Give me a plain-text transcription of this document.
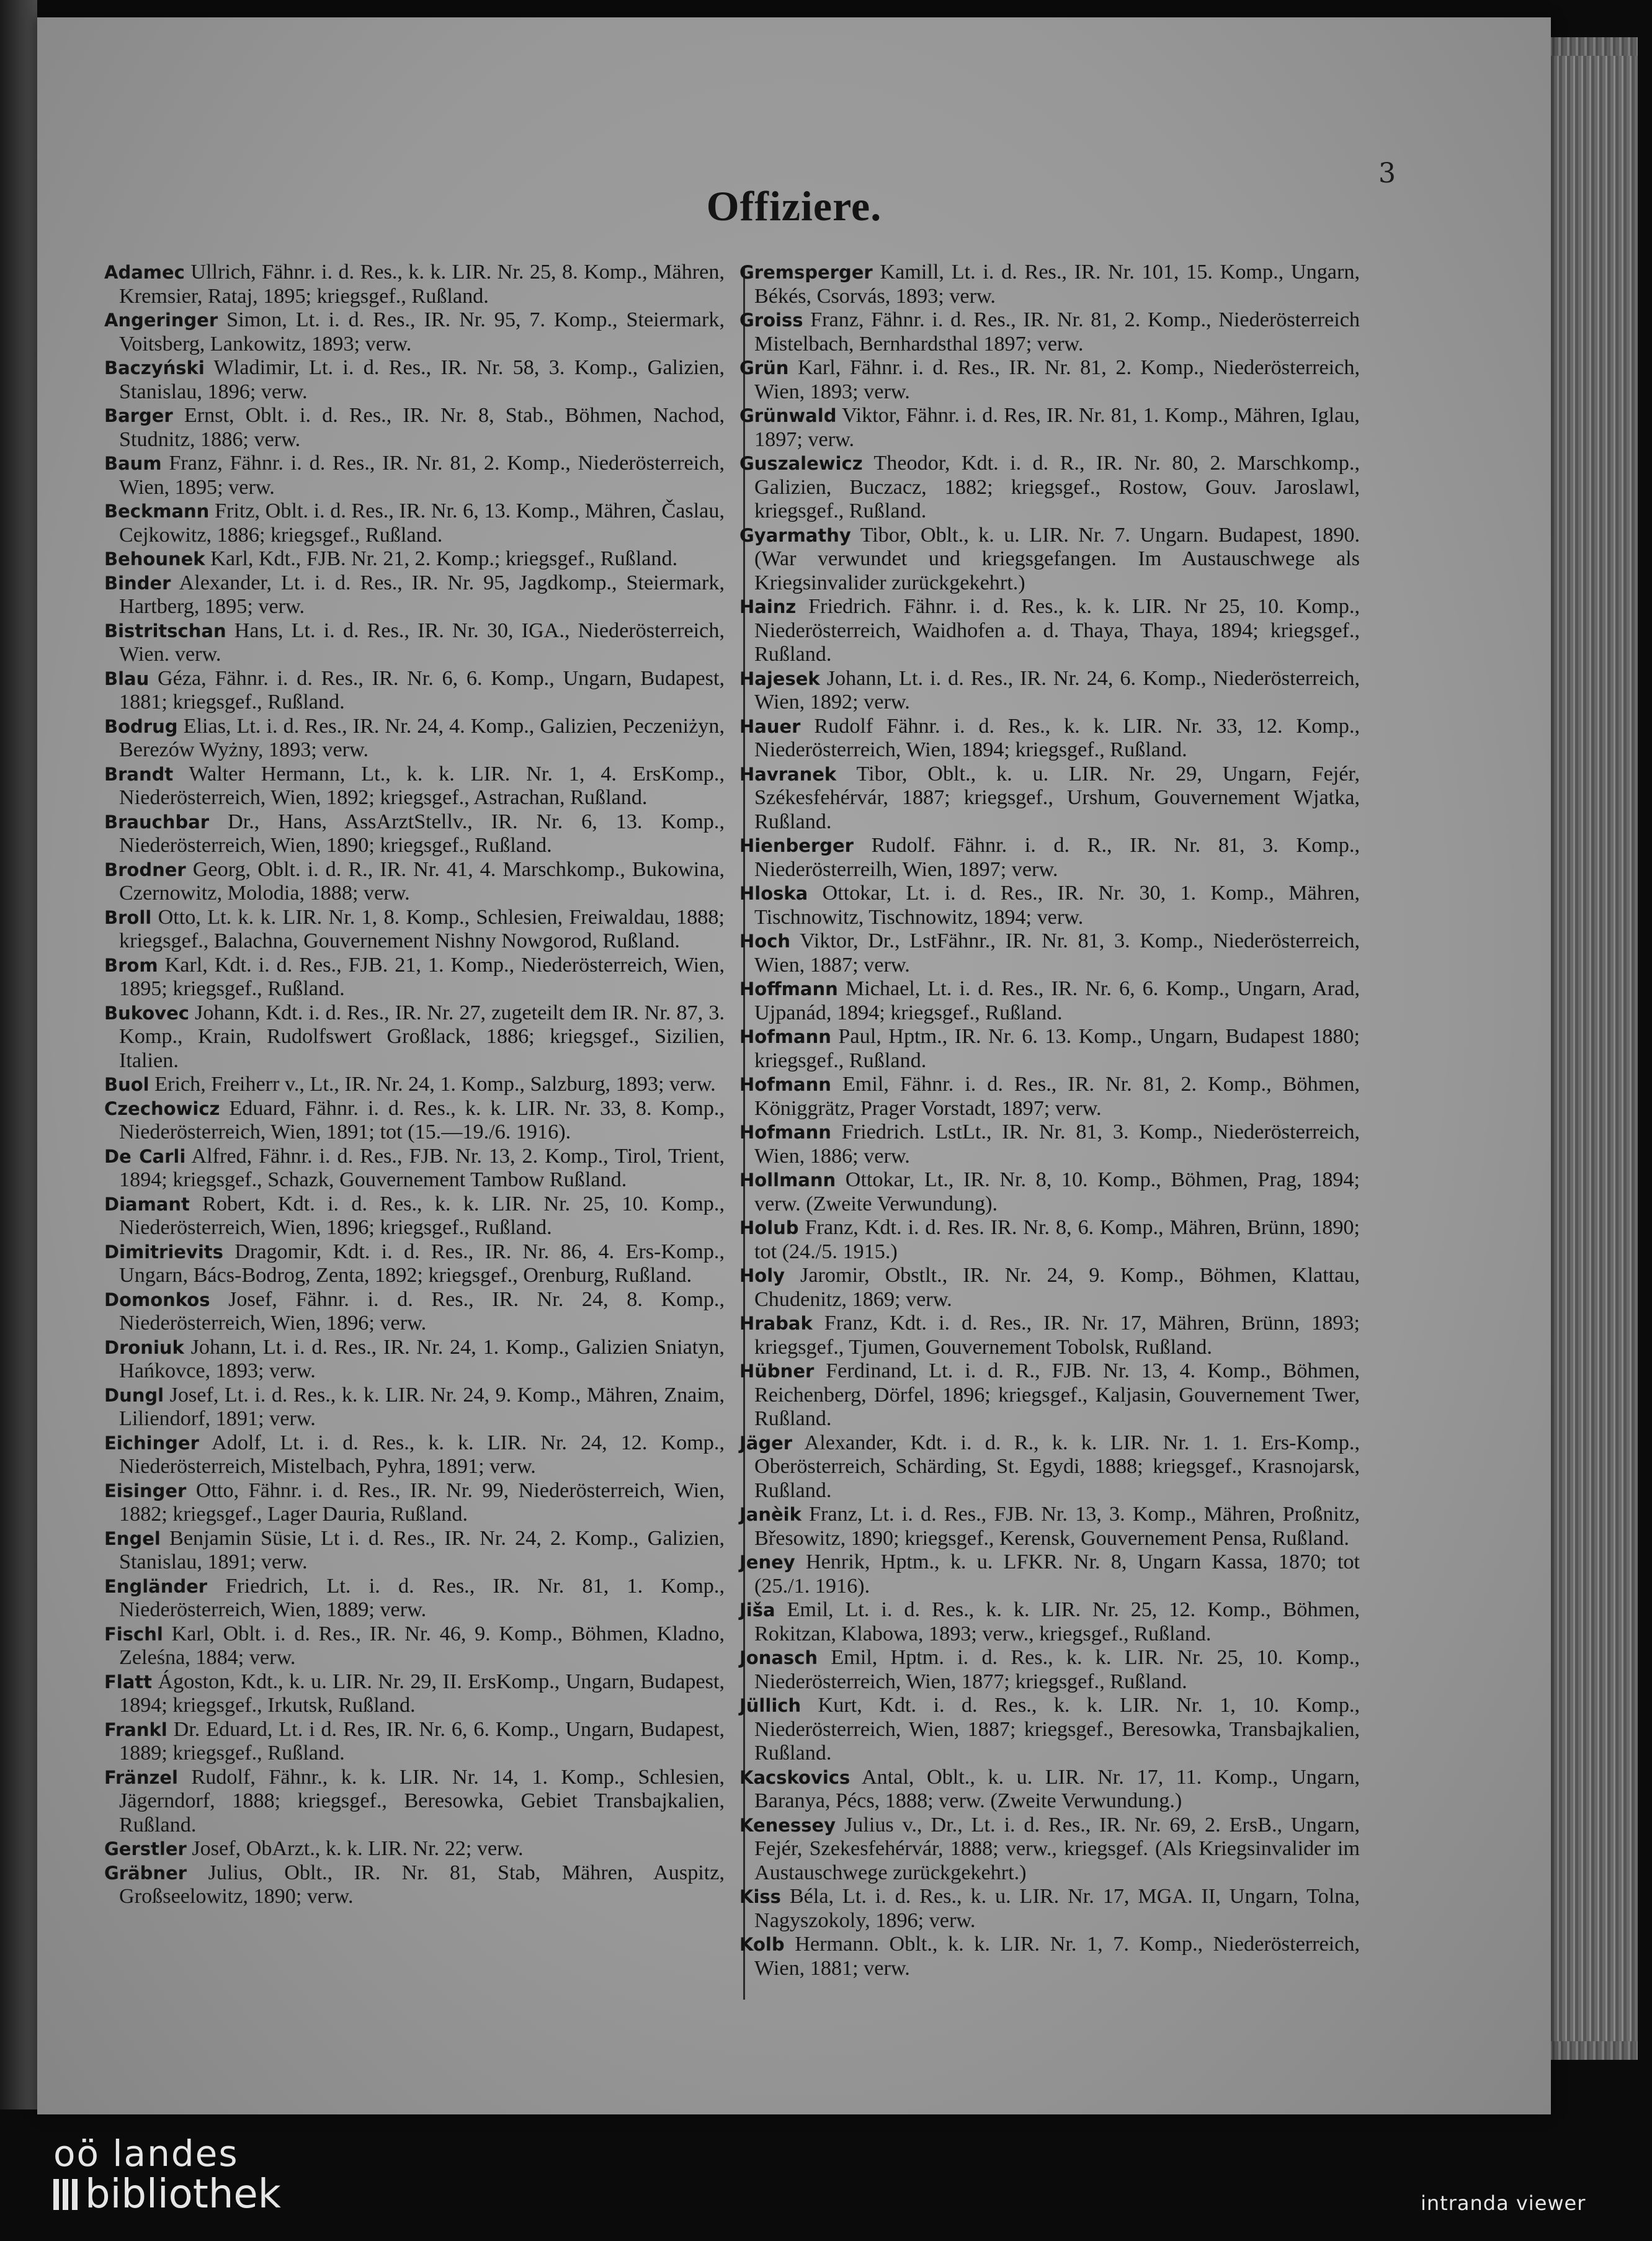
3
Offiziere.

Adamec Ullrich, Fähnr. i. d. Res., k. k. LIR. Nr. 25, 8. Komp., Mähren, Kremsier, Rataj, 1895; kriegsgef., Rußland.

Angeringer Simon, Lt. i. d. Res., IR. Nr. 95, 7. Komp., Steiermark, Voitsberg, Lankowitz, 1893; verw.

Baczyński Wladimir, Lt. i. d. Res., IR. Nr. 58, 3. Komp., Galizien, Stanislau, 1896; verw.

Barger Ernst, Oblt. i. d. Res., IR. Nr. 8, Stab., Böhmen, Nachod, Studnitz, 1886; verw.

Baum Franz, Fähnr. i. d. Res., IR. Nr. 81, 2. Komp., Niederösterreich, Wien, 1895; verw.

Beckmann Fritz, Oblt. i. d. Res., IR. Nr. 6, 13. Komp., Mähren, Časlau, Cejkowitz, 1886; kriegsgef., Rußland.

Behounek Karl, Kdt., FJB. Nr. 21, 2. Komp.; kriegsgef., Rußland.

Binder Alexander, Lt. i. d. Res., IR. Nr. 95, Jagdkomp., Steiermark, Hartberg, 1895; verw.

Bistritschan Hans, Lt. i. d. Res., IR. Nr. 30, IGA., Niederösterreich, Wien. verw.

Blau Géza, Fähnr. i. d. Res., IR. Nr. 6, 6. Komp., Ungarn, Budapest, 1881; kriegsgef., Rußland.

Bodrug Elias, Lt. i. d. Res., IR. Nr. 24, 4. Komp., Galizien, Peczeniżyn, Berezów Wyżny, 1893; verw.

Brandt Walter Hermann, Lt., k. k. LIR. Nr. 1, 4. ErsKomp., Niederösterreich, Wien, 1892; kriegsgef., Astrachan, Rußland.

Brauchbar Dr., Hans, AssArztStellv., IR. Nr. 6, 13. Komp., Niederösterreich, Wien, 1890; kriegsgef., Rußland.

Brodner Georg, Oblt. i. d. R., IR. Nr. 41, 4. Marschkomp., Bukowina, Czernowitz, Molodia, 1888; verw.

Broll Otto, Lt. k. k. LIR. Nr. 1, 8. Komp., Schlesien, Freiwaldau, 1888; kriegsgef., Balachna, Gouvernement Nishny Nowgorod, Rußland.

Brom Karl, Kdt. i. d. Res., FJB. 21, 1. Komp., Niederösterreich, Wien, 1895; kriegsgef., Rußland.

Bukovec Johann, Kdt. i. d. Res., IR. Nr. 27, zugeteilt dem IR. Nr. 87, 3. Komp., Krain, Rudolfswert Großlack, 1886; kriegsgef., Sizilien, Italien.

Buol Erich, Freiherr v., Lt., IR. Nr. 24, 1. Komp., Salzburg, 1893; verw.

Czechowicz Eduard, Fähnr. i. d. Res., k. k. LIR. Nr. 33, 8. Komp., Niederösterreich, Wien, 1891; tot (15.—19./6. 1916).

De Carli Alfred, Fähnr. i. d. Res., FJB. Nr. 13, 2. Komp., Tirol, Trient, 1894; kriegsgef., Schazk, Gouvernement Tambow Rußland.

Diamant Robert, Kdt. i. d. Res., k. k. LIR. Nr. 25, 10. Komp., Niederösterreich, Wien, 1896; kriegsgef., Rußland.

Dimitrievits Dragomir, Kdt. i. d. Res., IR. Nr. 86, 4. Ers-Komp., Ungarn, Bács-Bodrog, Zenta, 1892; kriegsgef., Orenburg, Rußland.

Domonkos Josef, Fähnr. i. d. Res., IR. Nr. 24, 8. Komp., Niederösterreich, Wien, 1896; verw.

Droniuk Johann, Lt. i. d. Res., IR. Nr. 24, 1. Komp., Galizien Sniatyn, Hańkovce, 1893; verw.

Dungl Josef, Lt. i. d. Res., k. k. LIR. Nr. 24, 9. Komp., Mähren, Znaim, Liliendorf, 1891; verw.

Eichinger Adolf, Lt. i. d. Res., k. k. LIR. Nr. 24, 12. Komp., Niederösterreich, Mistelbach, Pyhra, 1891; verw.

Eisinger Otto, Fähnr. i. d. Res., IR. Nr. 99, Niederösterreich, Wien, 1882; kriegsgef., Lager Dauria, Rußland.

Engel Benjamin Süsie, Lt i. d. Res., IR. Nr. 24, 2. Komp., Galizien, Stanislau, 1891; verw.

Engländer Friedrich, Lt. i. d. Res., IR. Nr. 81, 1. Komp., Niederösterreich, Wien, 1889; verw.

Fischl Karl, Oblt. i. d. Res., IR. Nr. 46, 9. Komp., Böhmen, Kladno, Zeleśna, 1884; verw.

Flatt Ágoston, Kdt., k. u. LIR. Nr. 29, II. ErsKomp., Ungarn, Budapest, 1894; kriegsgef., Irkutsk, Rußland.

Frankl Dr. Eduard, Lt. i d. Res, IR. Nr. 6, 6. Komp., Ungarn, Budapest, 1889; kriegsgef., Rußland.

Fränzel Rudolf, Fähnr., k. k. LIR. Nr. 14, 1. Komp., Schlesien, Jägerndorf, 1888; kriegsgef., Beresowka, Gebiet Transbajkalien, Rußland.

Gerstler Josef, ObArzt., k. k. LIR. Nr. 22; verw.

Gräbner Julius, Oblt., IR. Nr. 81, Stab, Mähren, Auspitz, Großseelowitz, 1890; verw.

Gremsperger Kamill, Lt. i. d. Res., IR. Nr. 101, 15. Komp., Ungarn, Békés, Csorvás, 1893; verw.

Groiss Franz, Fähnr. i. d. Res., IR. Nr. 81, 2. Komp., Niederösterreich Mistelbach, Bernhardsthal 1897; verw.

Grün Karl, Fähnr. i. d. Res., IR. Nr. 81, 2. Komp., Niederösterreich, Wien, 1893; verw.

Grünwald Viktor, Fähnr. i. d. Res, IR. Nr. 81, 1. Komp., Mähren, Iglau, 1897; verw.

Guszalewicz Theodor, Kdt. i. d. R., IR. Nr. 80, 2. Marschkomp., Galizien, Buczacz, 1882; kriegsgef., Rostow, Gouv. Jaroslawl, kriegsgef., Rußland.

Gyarmathy Tibor, Oblt., k. u. LIR. Nr. 7. Ungarn. Budapest, 1890. (War verwundet und kriegsgefangen. Im Austauschwege als Kriegsinvalider zurückgekehrt.)

Hainz Friedrich. Fähnr. i. d. Res., k. k. LIR. Nr 25, 10. Komp., Niederösterreich, Waidhofen a. d. Thaya, Thaya, 1894; kriegsgef., Rußland.

Hajesek Johann, Lt. i. d. Res., IR. Nr. 24, 6. Komp., Niederösterreich, Wien, 1892; verw.

Hauer Rudolf Fähnr. i. d. Res., k. k. LIR. Nr. 33, 12. Komp., Niederösterreich, Wien, 1894; kriegsgef., Rußland.

Havranek Tibor, Oblt., k. u. LIR. Nr. 29, Ungarn, Fejér, Székesfehérvár, 1887; kriegsgef., Urshum, Gouvernement Wjatka, Rußland.

Hienberger Rudolf. Fähnr. i. d. R., IR. Nr. 81, 3. Komp., Niederösterreilh, Wien, 1897; verw.

Hloska Ottokar, Lt. i. d. Res., IR. Nr. 30, 1. Komp., Mähren, Tischnowitz, Tischnowitz, 1894; verw.

Hoch Viktor, Dr., LstFähnr., IR. Nr. 81, 3. Komp., Niederösterreich, Wien, 1887; verw.

Hoffmann Michael, Lt. i. d. Res., IR. Nr. 6, 6. Komp., Ungarn, Arad, Ujpanád, 1894; kriegsgef., Rußland.

Hofmann Paul, Hptm., IR. Nr. 6. 13. Komp., Ungarn, Budapest 1880; kriegsgef., Rußland.

Hofmann Emil, Fähnr. i. d. Res., IR. Nr. 81, 2. Komp., Böhmen, Königgrätz, Prager Vorstadt, 1897; verw.

Hofmann Friedrich. LstLt., IR. Nr. 81, 3. Komp., Niederösterreich, Wien, 1886; verw.

Hollmann Ottokar, Lt., IR. Nr. 8, 10. Komp., Böhmen, Prag, 1894; verw. (Zweite Verwundung).

Holub Franz, Kdt. i. d. Res. IR. Nr. 8, 6. Komp., Mähren, Brünn, 1890; tot (24./5. 1915.)

Holy Jaromir, Obstlt., IR. Nr. 24, 9. Komp., Böhmen, Klattau, Chudenitz, 1869; verw.

Hrabak Franz, Kdt. i. d. Res., IR. Nr. 17, Mähren, Brünn, 1893; kriegsgef., Tjumen, Gouvernement Tobolsk, Rußland.

Hübner Ferdinand, Lt. i. d. R., FJB. Nr. 13, 4. Komp., Böhmen, Reichenberg, Dörfel, 1896; kriegsgef., Kaljasin, Gouvernement Twer, Rußland.

Jäger Alexander, Kdt. i. d. R., k. k. LIR. Nr. 1. 1. Ers-Komp., Oberösterreich, Schärding, St. Egydi, 1888; kriegsgef., Krasnojarsk, Rußland.

Janèik Franz, Lt. i. d. Res., FJB. Nr. 13, 3. Komp., Mähren, Proßnitz, Břesowitz, 1890; kriegsgef., Kerensk, Gouvernement Pensa, Rußland.

Jeney Henrik, Hptm., k. u. LFKR. Nr. 8, Ungarn Kassa, 1870; tot (25./1. 1916).

Jiša Emil, Lt. i. d. Res., k. k. LIR. Nr. 25, 12. Komp., Böhmen, Rokitzan, Klabowa, 1893; verw., kriegsgef., Rußland.

Jonasch Emil, Hptm. i. d. Res., k. k. LIR. Nr. 25, 10. Komp., Niederösterreich, Wien, 1877; kriegsgef., Rußland.

Jüllich Kurt, Kdt. i. d. Res., k. k. LIR. Nr. 1, 10. Komp., Niederösterreich, Wien, 1887; kriegsgef., Beresowka, Transbajkalien, Rußland.

Kacskovics Antal, Oblt., k. u. LIR. Nr. 17, 11. Komp., Ungarn, Baranya, Pécs, 1888; verw. (Zweite Verwundung.)

Kenessey Julius v., Dr., Lt. i. d. Res., IR. Nr. 69, 2. ErsB., Ungarn, Fejér, Szekesfehérvár, 1888; verw., kriegsgef. (Als Kriegsinvalider im Austauschwege zurückgekehrt.)

Kiss Béla, Lt. i. d. Res., k. u. LIR. Nr. 17, MGA. II, Ungarn, Tolna, Nagyszokoly, 1896; verw.

Kolb Hermann. Oblt., k. k. LIR. Nr. 1, 7. Komp., Niederösterreich, Wien, 1881; verw.

oö landes
bibliothek	intranda viewer
